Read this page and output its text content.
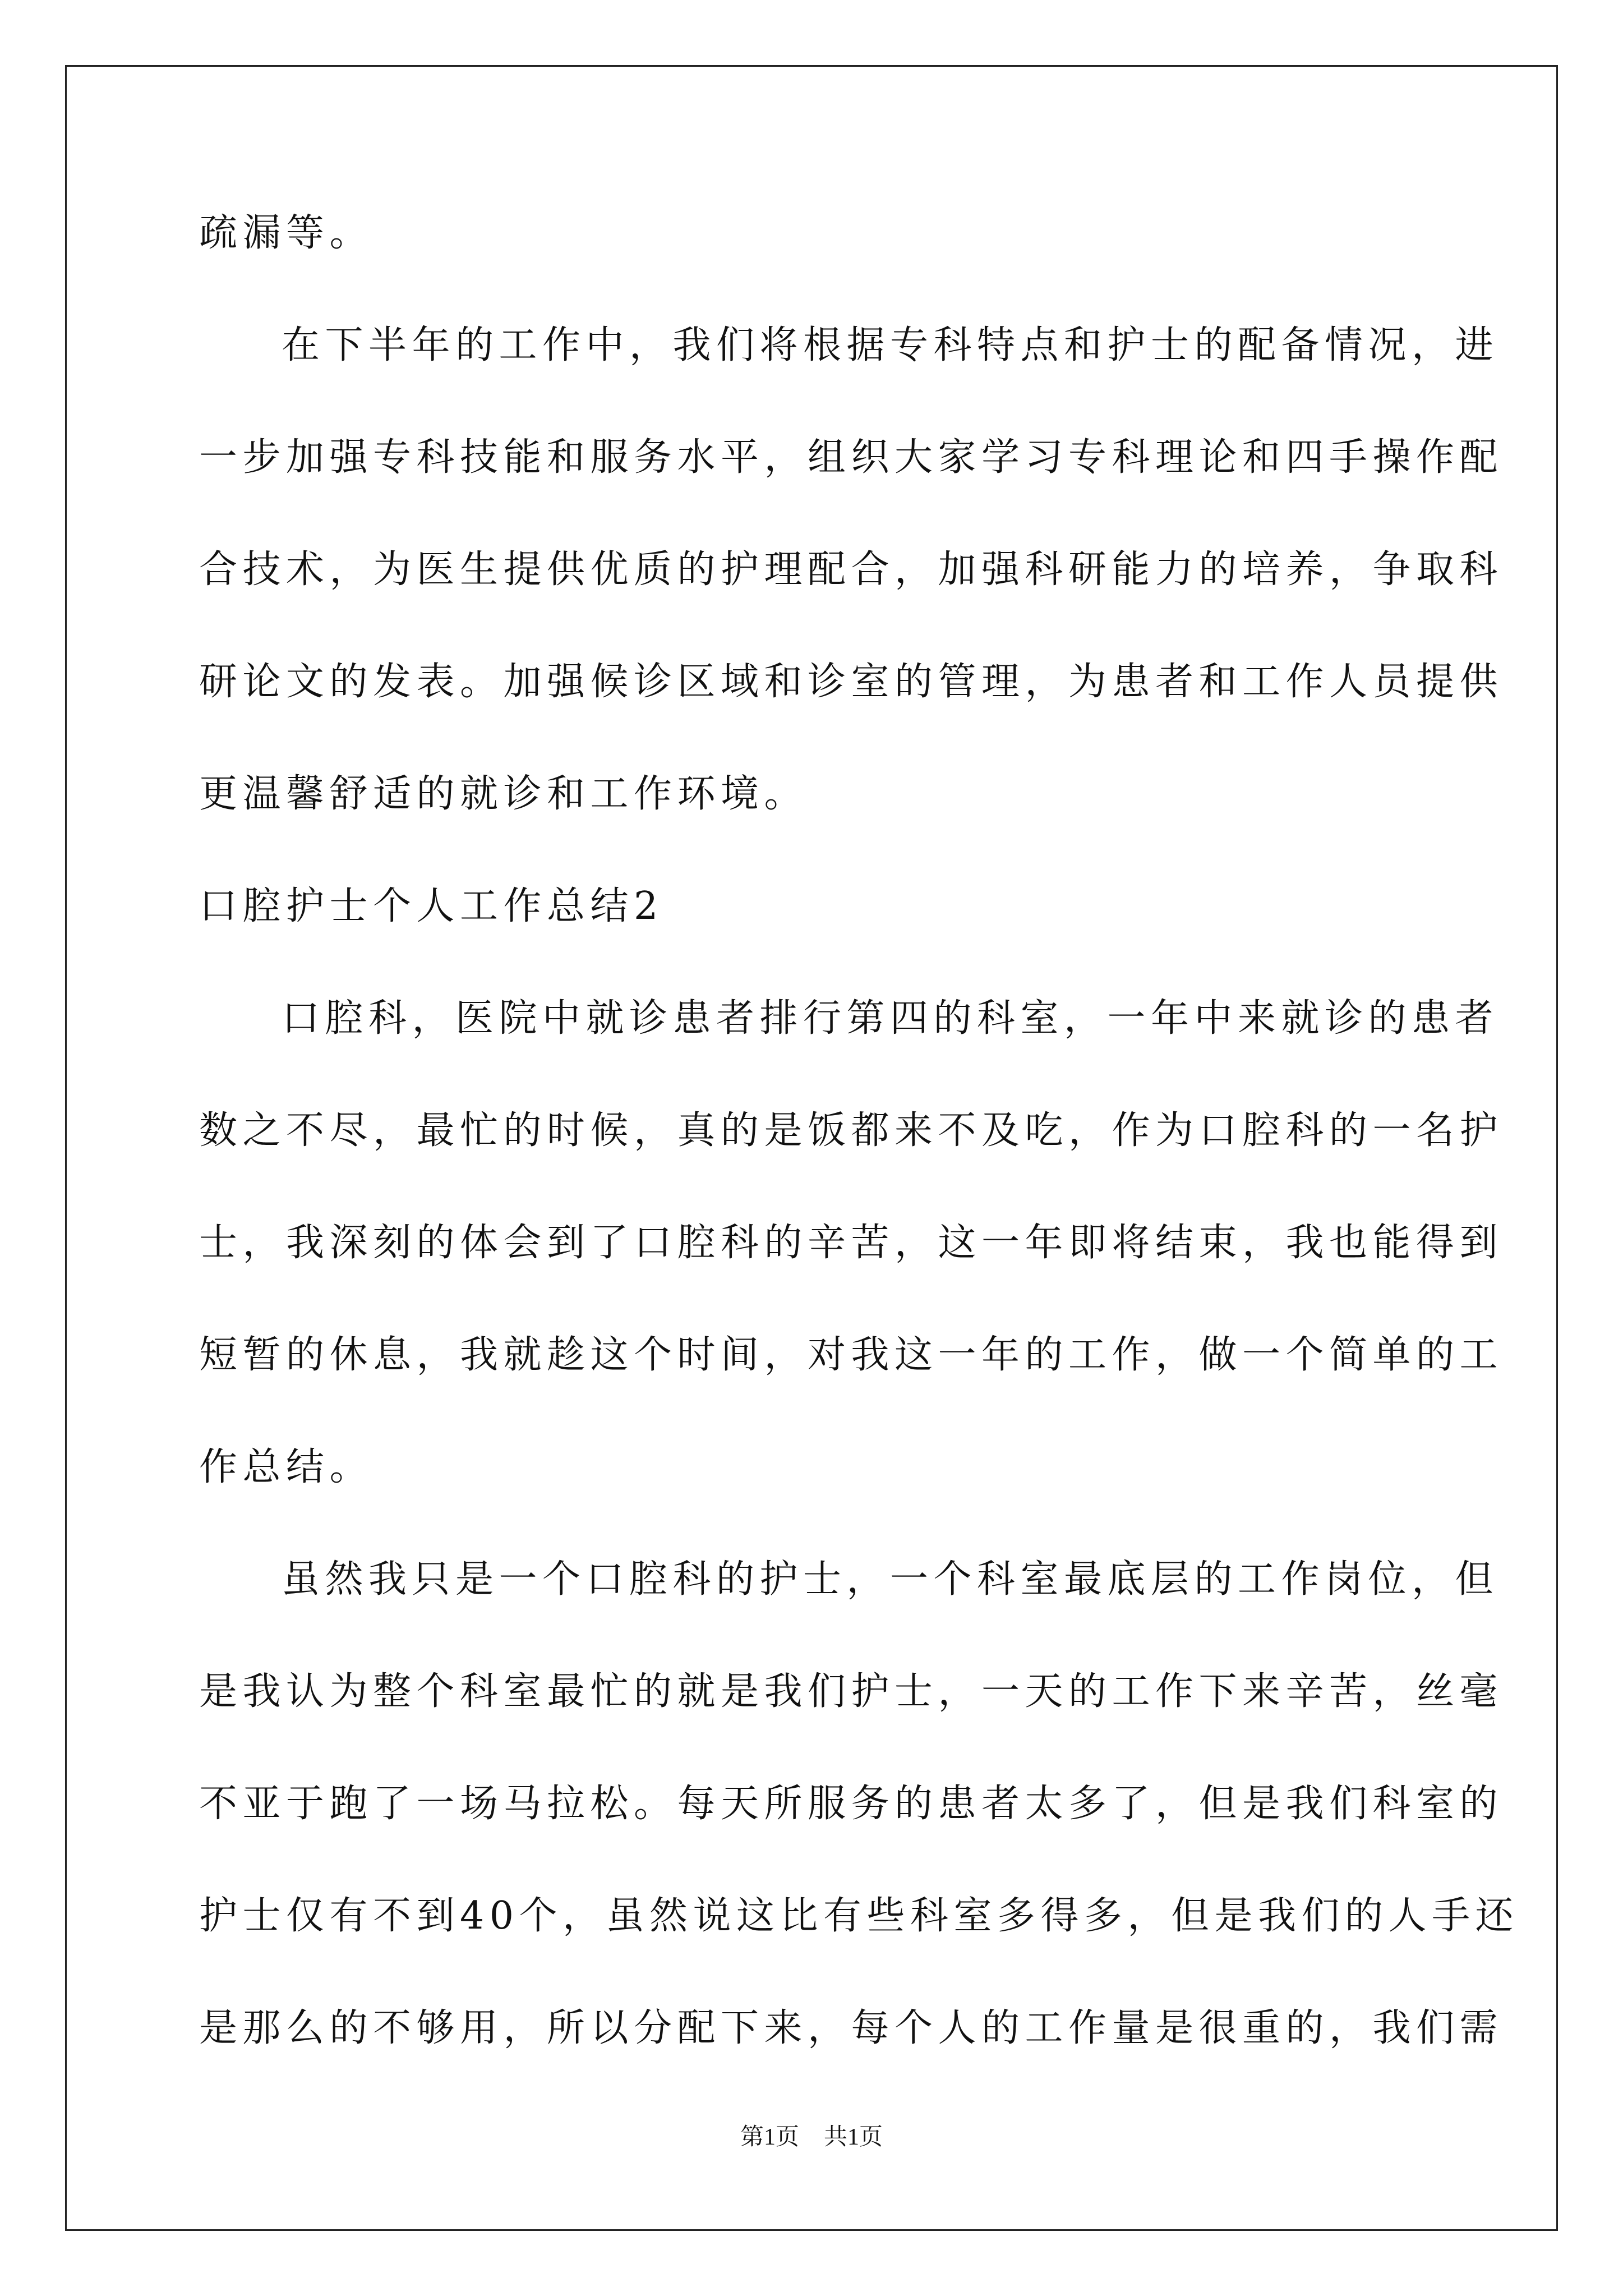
疏漏等。
在下半年的工作中，我们将根据专科特点和护士的配备情况，进
一步加强专科技能和服务水平，组织大家学习专科理论和四手操作配
合技术，为医生提供优质的护理配合，加强科研能力的培养，争取科
研论文的发表。加强候诊区域和诊室的管理，为患者和工作人员提供
更温馨舒适的就诊和工作环境。
口腔护士个人工作总结2
口腔科，医院中就诊患者排行第四的科室，一年中来就诊的患者
数之不尽，最忙的时候，真的是饭都来不及吃，作为口腔科的一名护
士，我深刻的体会到了口腔科的辛苦，这一年即将结束，我也能得到
短暂的休息，我就趁这个时间，对我这一年的工作，做一个简单的工
作总结。
虽然我只是一个口腔科的护士，一个科室最底层的工作岗位，但
是我认为整个科室最忙的就是我们护士，一天的工作下来辛苦，丝毫
不亚于跑了一场马拉松。每天所服务的患者太多了，但是我们科室的
护士仅有不到40个，虽然说这比有些科室多得多，但是我们的人手还
是那么的不够用，所以分配下来，每个人的工作量是很重的，我们需
第1页 共1页
